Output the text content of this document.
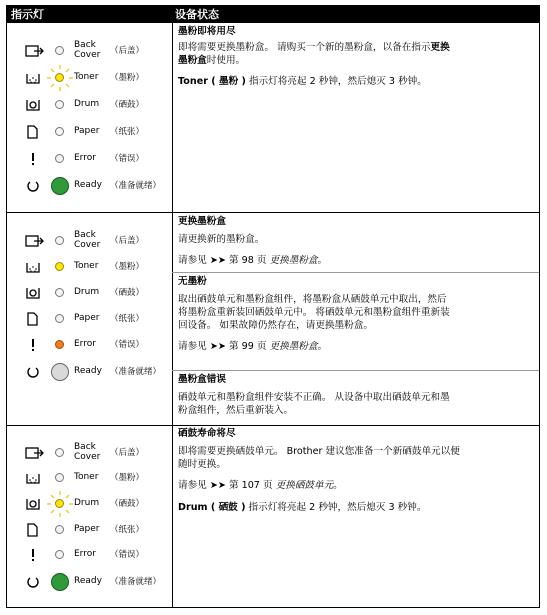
指示灯	设备状态
Back
Cover （后盖）
Toner （墨粉）
Drum （硒鼓）
Paper （纸张）
Error （错误）
Ready （准备就绪）
Back
Cover （后盖）
Toner （墨粉）
Drum （硒鼓）
Paper （纸张）
Error （错误）
Ready （准备就绪）
Back
Cover （后盖）
Toner （墨粉）
Drum （硒鼓）
Paper （纸张）
Error （错误）
Ready （准备就绪）
墨粉即将用尽
即将需要更换墨粉盒。 请购买一个新的墨粉盒，以备在指示更换
墨粉盒时使用。
Toner ( 墨粉 ) 指示灯将亮起 2 秒钟，然后熄灭 3 秒钟。
更换墨粉盒
请更换新的墨粉盒。
请参见 ➤➤ 第 98 页 更换墨粉盒。
无墨粉
取出硒鼓单元和墨粉盒组件，将墨粉盒从硒鼓单元中取出，然后
将墨粉盒重新装回硒鼓单元中。 将硒鼓单元和墨粉盒组件重新装
回设备。 如果故障仍然存在，请更换墨粉盒。
请参见 ➤➤ 第 99 页 更换墨粉盒。
墨粉盒错误
硒鼓单元和墨粉盒组件安装不正确。 从设备中取出硒鼓单元和墨
粉盒组件，然后重新装入。
硒鼓寿命将尽
即将需要更换硒鼓单元。 Brother 建议您准备一个新硒鼓单元以便
随时更换。
请参见 ➤➤ 第 107 页 更换硒鼓单元。
Drum ( 硒鼓 ) 指示灯将亮起 2 秒钟，然后熄灭 3 秒钟。
